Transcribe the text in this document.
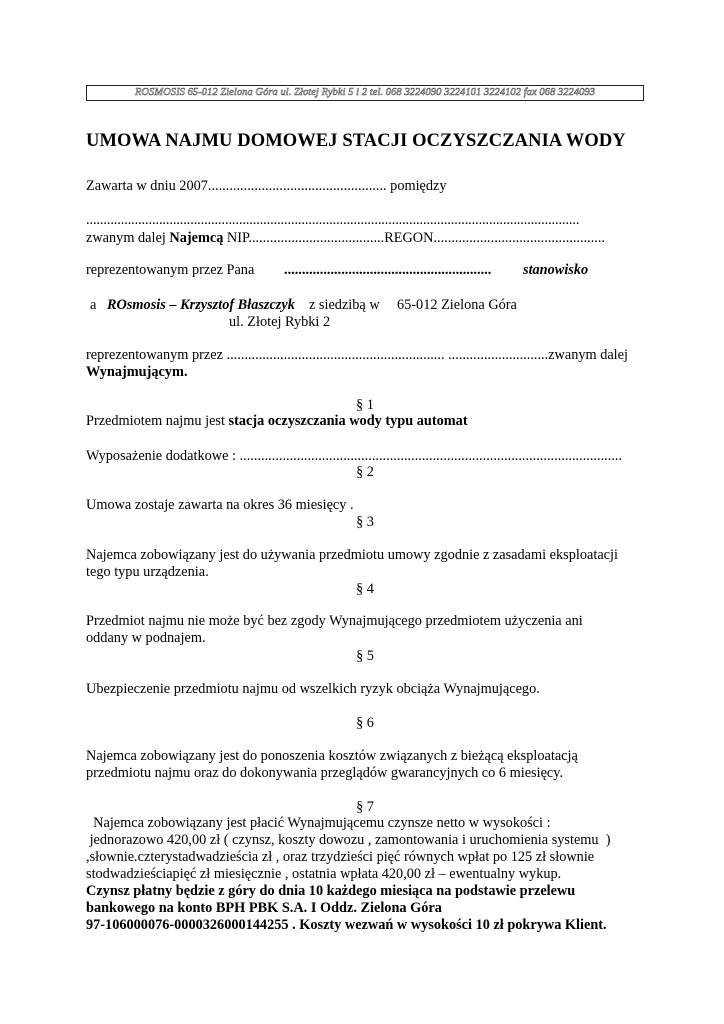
ROSMOSIS 65-012 Zielona Góra ul. Złotej Rybki 5 i 2 tel. 068 3224090 3224101 3224102 fax 068 3224093
UMOWA NAJMU DOMOWEJ STACJI OCZYSZCZANIA WODY
Zawarta w dniu 2007.................................................. pomiędzy
..............................................................................................................................................
zwanym dalej Najemcą NIP......................................REGON................................................
reprezentowanym przez Pana .......................................................... stanowisko
a ROsmosis – Krzysztof Błaszczyk z siedzibą w 65-012 Zielona Góra
ul. Złotej Rybki 2
reprezentowanym przez ............................................................. ............................zwanym dalej
Wynajmującym.
§ 1
Przedmiotem najmu jest stacja oczyszczania wody typu automat
Wyposażenie dodatkowe : ...........................................................................................................
§ 2
Umowa zostaje zawarta na okres 36 miesięcy .
§ 3
Najemca zobowiązany jest do używania przedmiotu umowy zgodnie z zasadami eksploatacji
tego typu urządzenia.
§ 4
Przedmiot najmu nie może być bez zgody Wynajmującego przedmiotem użyczenia ani
oddany w podnajem.
§ 5
Ubezpieczenie przedmiotu najmu od wszelkich ryzyk obciąża Wynajmującego.
§ 6
Najemca zobowiązany jest do ponoszenia kosztów związanych z bieżącą eksploatacją
przedmiotu najmu oraz do dokonywania przeglądów gwarancyjnych co 6 miesięcy.
§ 7
Najemca zobowiązany jest płacić Wynajmującemu czynsze netto w wysokości :
jednorazowo 420,00 zł ( czynsz, koszty dowozu , zamontowania i uruchomienia systemu  )
,słownie.czterystadwadzieścia zł , oraz trzydzieści pięć równych wpłat po 125 zł słownie
stodwadzieściapięć zł miesięcznie , ostatnia wpłata 420,00 zł – ewentualny wykup.
Czynsz płatny będzie z góry do dnia 10 każdego miesiąca na podstawie przelewu
bankowego na konto BPH PBK S.A. I Oddz. Zielona Góra
97-106000076-0000326000144255 . Koszty wezwań w wysokości 10 zł pokrywa Klient.
